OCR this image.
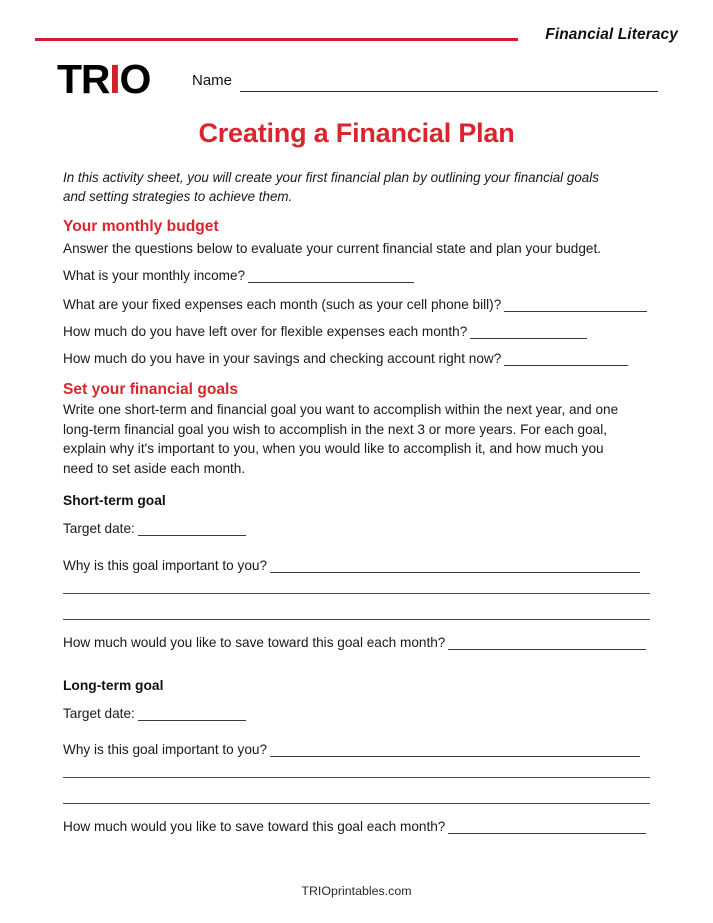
Financial Literacy
TRIO	Name
Creating a Financial Plan
In this activity sheet, you will create your first financial plan by outlining your financial goals and setting strategies to achieve them.
Your monthly budget
Answer the questions below to evaluate your current financial state and plan your budget.
What is your monthly income?
What are your fixed expenses each month (such as your cell phone bill)?
How much do you have left over for flexible expenses each month?
How much do you have in your savings and checking account right now?
Set your financial goals
Write one short-term and financial goal you want to accomplish within the next year, and one long-term financial goal you wish to accomplish in the next 3 or more years. For each goal, explain why it's important to you, when you would like to accomplish it, and how much you need to set aside each month.
Short-term goal
Target date:
Why is this goal important to you?
How much would you like to save toward this goal each month?
Long-term goal
Target date:
Why is this goal important to you?
How much would you like to save toward this goal each month?
TRIOprintables.com
